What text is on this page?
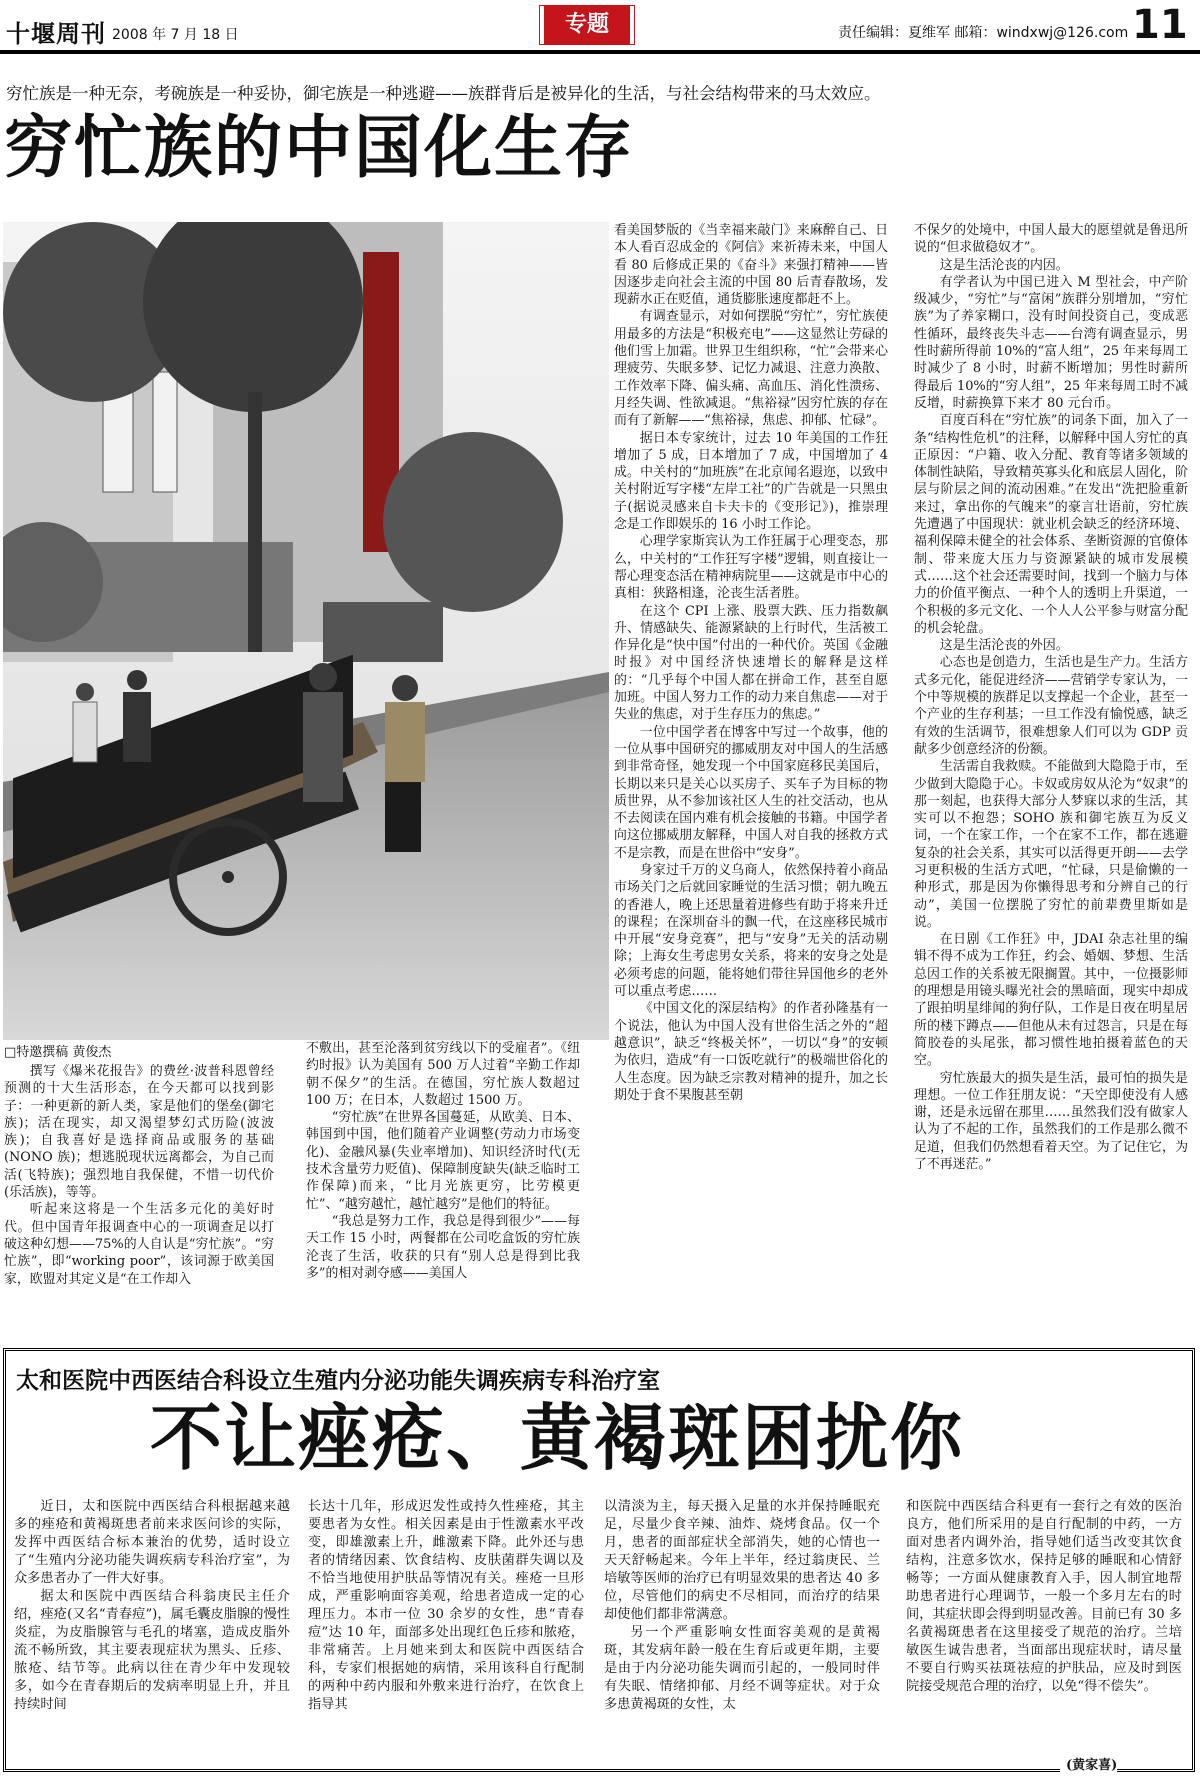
十堰周刊 2008 年 7 月 18 日	专题	责任编辑：夏维军 邮箱：windxwj@126.com 11
穷忙族是一种无奈，考碗族是一种妥协，御宅族是一种逃避——族群背后是被异化的生活，与社会结构带来的马太效应。
穷忙族的中国化生存
□特邀撰稿 黄俊杰

撰写《爆米花报告》的费丝·波普科恩曾经预测的十大生活形态，在今天都可以找到影子：一种更新的新人类，家是他们的堡垒(御宅族)；活在现实，却又渴望梦幻式历险(波波族)；自我喜好是选择商品或服务的基础(NONO 族)；想逃脱现状远离都会，为自己而活(飞特族)；强烈地自我保健，不惜一切代价(乐活族)，等等。

听起来这将是一个生活多元化的美好时代。但中国青年报调查中心的一项调查足以打破这种幻想——75%的人自认是“穷忙族”。“穷忙族”，即“working poor”，该词源于欧美国家，欧盟对其定义是“在工作却入

不敷出，甚至沦落到贫穷线以下的受雇者”。《纽约时报》认为美国有 500 万人过着“辛勤工作却朝不保夕”的生活。在德国，穷忙族人数超过 100 万；在日本，人数超过 1500 万。

“穷忙族”在世界各国蔓延，从欧美、日本、韩国到中国，他们随着产业调整(劳动力市场变化)、金融风暴(失业率增加)、知识经济时代(无技术含量劳力贬值)、保障制度缺失(缺乏临时工作保障)而来，“比月光族更穷，比劳模更忙”、“越穷越忙，越忙越穷”是他们的特征。

“我总是努力工作，我总是得到很少”——每天工作 15 小时，两餐都在公司吃盒饭的穷忙族沦丧了生活，收获的只有“别人总是得到比我多”的相对剥夺感——美国人

看美国梦版的《当幸福来敲门》来麻醉自己、日本人看百忍成金的《阿信》来祈祷未来，中国人看 80 后修成正果的《奋斗》来强打精神——皆因逐步走向社会主流的中国 80 后青春散场，发现薪水正在贬值，通货膨胀速度都赶不上。

有调查显示，对如何摆脱“穷忙”，穷忙族使用最多的方法是“积极充电”——这显然让劳碌的他们雪上加霜。世界卫生组织称，“忙”会带来心理疲劳、失眠多梦、记忆力减退、注意力涣散、工作效率下降、偏头痛、高血压、消化性溃疡、月经失调、性欲减退。“焦裕禄”因穷忙族的存在而有了新解——“焦裕禄，焦虑、抑郁、忙碌”。

据日本专家统计，过去 10 年美国的工作狂增加了 5 成，日本增加了 7 成，中国增加了 4 成。中关村的“加班族”在北京闻名遐迩，以致中关村附近写字楼“左岸工社”的广告就是一只黑虫子(据说灵感来自卡夫卡的《变形记》)，推崇理念是工作即娱乐的 16 小时工作论。

心理学家斯宾认为工作狂属于心理变态，那么，中关村的“工作狂写字楼”逻辑，则直接让一帮心理变态活在精神病院里——这就是市中心的真相：狭路相逢，沦丧生活者胜。

在这个 CPI 上涨、股票大跌、压力指数飙升、情感缺失、能源紧缺的上行时代，生活被工作异化是“快中国”付出的一种代价。英国《金融时报》对中国经济快速增长的解释是这样的：“几乎每个中国人都在拼命工作，甚至自愿加班。中国人努力工作的动力来自焦虑——对于失业的焦虑，对于生存压力的焦虑。”

一位中国学者在博客中写过一个故事，他的一位从事中国研究的挪威朋友对中国人的生活感到非常奇怪，她发现一个中国家庭移民美国后，长期以来只是关心以买房子、买车子为目标的物质世界，从不参加该社区人生的社交活动，也从不去阅读在国内难有机会接触的书籍。中国学者向这位挪威朋友解释，中国人对自我的拯救方式不是宗教，而是在世俗中“安身”。

身家过千万的义乌商人，依然保持着小商品市场关门之后就回家睡觉的生活习惯；朝九晚五的香港人，晚上还思量着进修些有助于将来升迁的课程；在深圳奋斗的飘一代，在这座移民城市中开展“安身竞赛”，把与“安身”无关的活动剔除；上海女生考虑男女关系，将来的安身之处是必须考虑的问题，能将她们带往异国他乡的老外可以重点考虑……

《中国文化的深层结构》的作者孙隆基有一个说法，他认为中国人没有世俗生活之外的“超越意识”，缺乏“终极关怀”，一切以“身”的安顿为依归，造成“有一口饭吃就行”的极端世俗化的人生态度。因为缺乏宗教对精神的提升，加之长期处于食不果腹甚至朝

不保夕的处境中，中国人最大的愿望就是鲁迅所说的“但求做稳奴才”。

这是生活沦丧的内因。

有学者认为中国已进入 M 型社会，中产阶级减少，“穷忙”与“富闲”族群分别增加，“穷忙族”为了养家糊口，没有时间投资自己，变成恶性循环，最终丧失斗志——台湾有调查显示，男性时薪所得前 10%的“富人组”，25 年来每周工时减少了 8 小时，时薪不断增加；男性时薪所得最后 10%的“穷人组”，25 年来每周工时不减反增，时薪换算下来才 80 元台币。

百度百科在“穷忙族”的词条下面，加入了一条“结构性危机”的注释，以解释中国人穷忙的真正原因：“户籍、收入分配、教育等诸多领域的体制性缺陷，导致精英寡头化和底层人固化，阶层与阶层之间的流动困难。”在发出“洗把脸重新来过，拿出你的气魄来”的豪言壮语前，穷忙族先遭遇了中国现状：就业机会缺乏的经济环境、福利保障未健全的社会体系、垄断资源的官僚体制、带来庞大压力与资源紧缺的城市发展模式……这个社会还需要时间，找到一个脑力与体力的价值平衡点、一种个人的透明上升渠道，一个积极的多元文化、一个人人公平参与财富分配的机会轮盘。

这是生活沦丧的外因。

心态也是创造力，生活也是生产力。生活方式多元化，能促进经济——营销学专家认为，一个中等规模的族群足以支撑起一个企业，甚至一个产业的生存利基；一旦工作没有愉悦感，缺乏有效的生活调节，很难想象人们可以为 GDP 贡献多少创意经济的份额。

生活需自我救赎。不能做到大隐隐于市，至少做到大隐隐于心。卡奴或房奴从沦为“奴隶”的那一刻起，也获得大部分人梦寐以求的生活，其实可以不抱怨；SOHO 族和御宅族互为反义词，一个在家工作，一个在家不工作，都在逃避复杂的社会关系，其实可以活得更开朗——去学习更积极的生活方式吧，“忙碌，只是偷懒的一种形式，那是因为你懒得思考和分辨自己的行动”，美国一位摆脱了穷忙的前辈费里斯如是说。

在日剧《工作狂》中，JDAI 杂志社里的编辑不得不成为工作狂，约会、婚姻、梦想、生活总因工作的关系被无限搁置。其中，一位摄影师的理想是用镜头曝光社会的黑暗面，现实中却成了跟拍明星绯闻的狗仔队，工作是日夜在明星居所的楼下蹲点——但他从未有过怨言，只是在每简胶卷的头尾张，都习惯性地拍摄着蓝色的天空。

穷忙族最大的损失是生活，最可怕的损失是理想。一位工作狂朋友说：“天空即使没有人感谢，还是永远留在那里……虽然我们没有做家人认为了不起的工作，虽然我们的工作是那么微不足道，但我们仍然想看着天空。为了记住它，为了不再迷茫。”

太和医院中西医结合科设立生殖内分泌功能失调疾病专科治疗室
不让痤疮、黄褐斑困扰你

近日，太和医院中西医结合科根据越来越多的痤疮和黄褐斑患者前来求医问诊的实际，发挥中西医结合标本兼治的优势，适时设立了“生殖内分泌功能失调疾病专科治疗室”，为众多患者办了一件大好事。

据太和医院中西医结合科翁庚民主任介绍，痤疮(又名“青春痘”)，属毛囊皮脂腺的慢性炎症，为皮脂腺管与毛孔的堵塞，造成皮脂外流不畅所致，其主要表现症状为黑头、丘疹、脓疮、结节等。此病以往在青少年中发现较多，如今在青春期后的发病率明显上升，并且持续时间

长达十几年，形成迟发性或持久性痤疮，其主要患者为女性。相关因素是由于性激素水平改变，即雄激素上升，雌激素下降。此外还与患者的情绪因素、饮食结构、皮肤菌群失调以及不恰当地使用护肤品等情况有关。痤疮一旦形成，严重影响面容美观，给患者造成一定的心理压力。本市一位 30 余岁的女性，患“青春痘”达 10 年，面部多处出现红色丘疹和脓疮，非常痛苦。上月她来到太和医院中西医结合科，专家们根据她的病情，采用该科自行配制的两种中药内服和外敷来进行治疗，在饮食上指导其

以清淡为主，每天摄入足量的水并保持睡眠充足，尽量少食辛辣、油炸、烧烤食品。仅一个月，患者的面部症状全部消失，她的心情也一天天舒畅起来。今年上半年，经过翁庚民、兰培敏等医师的治疗已有明显效果的患者达 40 多位，尽管他们的病史不尽相同，而治疗的结果却使他们都非常满意。

另一个严重影响女性面容美观的是黄褐斑，其发病年龄一般在生育后或更年期，主要是由于内分泌功能失调而引起的，一般同时伴有失眠、情绪抑郁、月经不调等症状。对于众多患黄褐斑的女性，太

和医院中西医结合科更有一套行之有效的医治良方，他们所采用的是自行配制的中药，一方面对患者内调外治，指导她们适当改变其饮食结构，注意多饮水，保持足够的睡眠和心情舒畅等；一方面从健康教育入手，因人制宜地帮助患者进行心理调节，一般一个多月左右的时间，其症状即会得到明显改善。目前已有 30 多名黄褐斑患者在这里接受了规范的治疗。兰培敏医生诚告患者，当面部出现症状时，请尽量不要自行购买祛斑祛痘的护肤品，应及时到医院接受规范合理的治疗，以免“得不偿失”。

(黄家喜)
